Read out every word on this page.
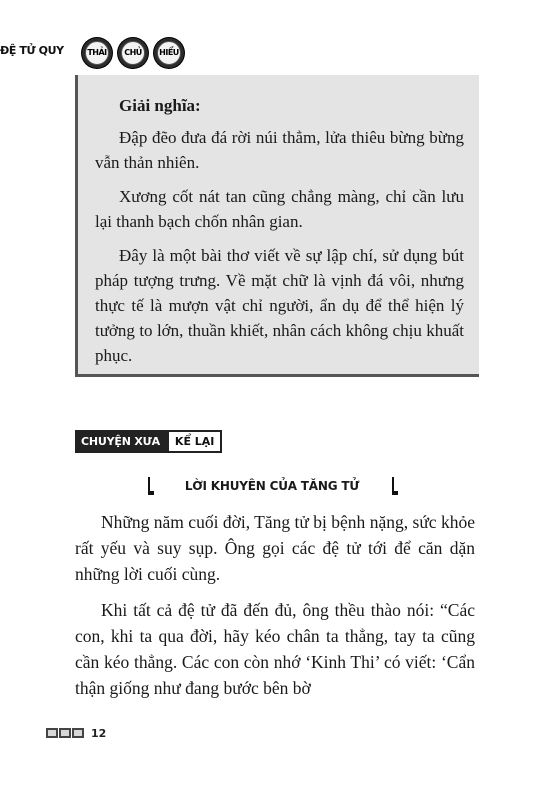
ĐỆ TỬ QUY	THẢI	CHỦ	HIỂU

Giải nghĩa:

Đập đẽo đưa đá rời núi thẳm, lửa thiêu bừng bừng vẫn thản nhiên.

Xương cốt nát tan cũng chẳng màng, chỉ cần lưu lại thanh bạch chốn nhân gian.

Đây là một bài thơ viết về sự lập chí, sử dụng bút pháp tượng trưng. Về mặt chữ là vịnh đá vôi, nhưng thực tế là mượn vật chỉ người, ẩn dụ để thể hiện lý tưởng to lớn, thuần khiết, nhân cách không chịu khuất phục.

CHUYỆN XƯA	KỂ LẠI
LỜI KHUYÊN CỦA TĂNG TỬ

Những năm cuối đời, Tăng tử bị bệnh nặng, sức khỏe rất yếu và suy sụp. Ông gọi các đệ tử tới để căn dặn những lời cuối cùng.

Khi tất cả đệ tử đã đến đủ, ông thều thào nói: “Các con, khi ta qua đời, hãy kéo chân ta thẳng, tay ta cũng cần kéo thẳng. Các con còn nhớ ‘Kinh Thi’ có viết: ‘Cẩn thận giống như đang bước bên bờ

12
